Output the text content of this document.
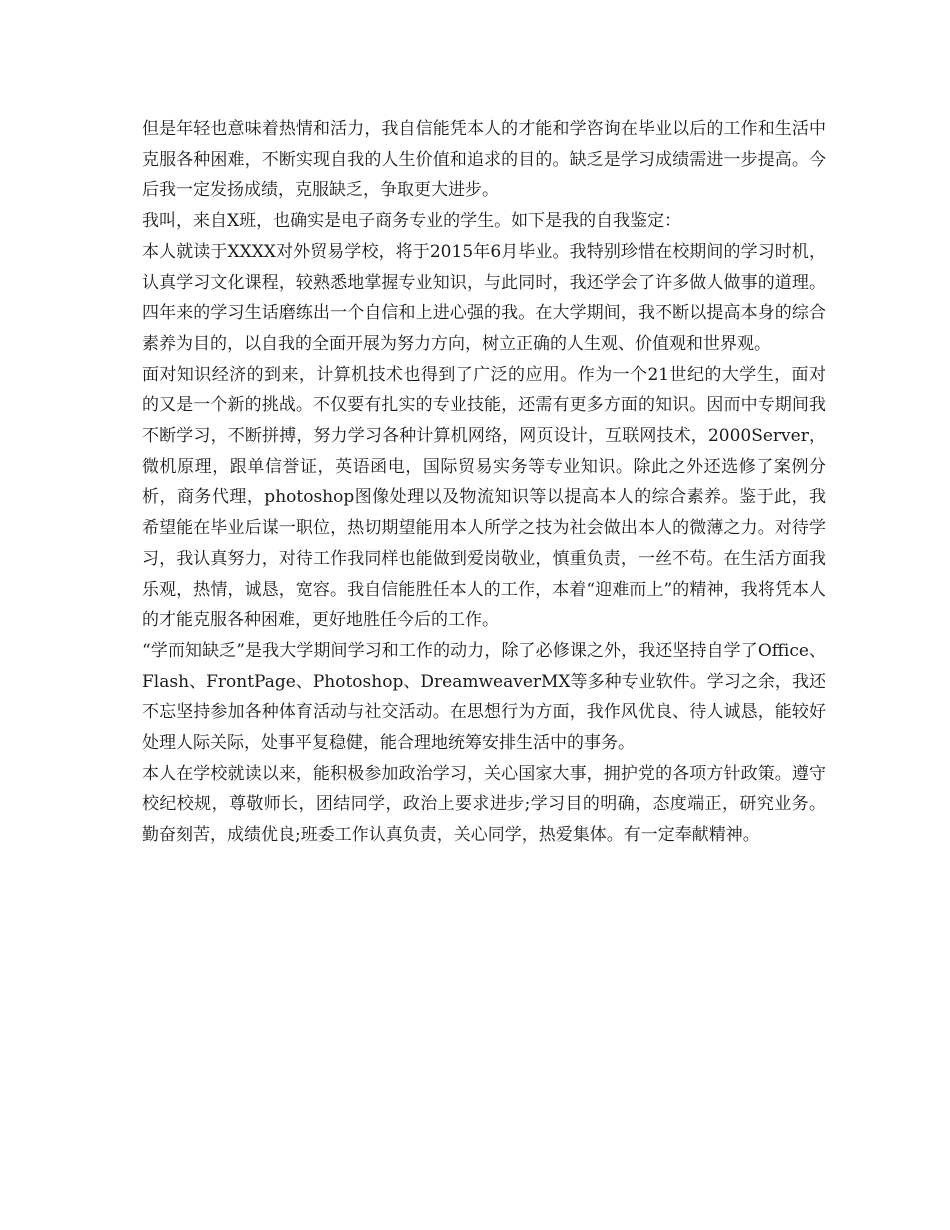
但是年轻也意味着热情和活力，我自信能凭本人的才能和学咨询在毕业以后的工作和生活中克服各种困难，不断实现自我的人生价值和追求的目的。缺乏是学习成绩需进一步提高。今后我一定发扬成绩，克服缺乏，争取更大进步。

我叫，来自X班，也确实是电子商务专业的学生。如下是我的自我鉴定：

本人就读于XXXX对外贸易学校，将于2015年6月毕业。我特别珍惜在校期间的学习时机，认真学习文化课程，较熟悉地掌握专业知识，与此同时，我还学会了许多做人做事的道理。四年来的学习生话磨练出一个自信和上进心强的我。在大学期间，我不断以提高本身的综合素养为目的，以自我的全面开展为努力方向，树立正确的人生观、价值观和世界观。

面对知识经济的到来，计算机技术也得到了广泛的应用。作为一个21世纪的大学生，面对的又是一个新的挑战。不仅要有扎实的专业技能，还需有更多方面的知识。因而中专期间我不断学习，不断拼搏，努力学习各种计算机网络，网页设计，互联网技术，2000Server，微机原理，跟单信誉证，英语函电，国际贸易实务等专业知识。除此之外还选修了案例分析，商务代理，photoshop图像处理以及物流知识等以提高本人的综合素养。鉴于此，我希望能在毕业后谋一职位，热切期望能用本人所学之技为社会做出本人的微薄之力。对待学习，我认真努力，对待工作我同样也能做到爱岗敬业，慎重负责，一丝不苟。在生活方面我乐观，热情，诚恳，宽容。我自信能胜任本人的工作，本着“迎难而上”的精神，我将凭本人的才能克服各种困难，更好地胜任今后的工作。

“学而知缺乏”是我大学期间学习和工作的动力，除了必修课之外，我还坚持自学了Office、Flash、FrontPage、Photoshop、DreamweaverMX等多种专业软件。学习之余，我还不忘坚持参加各种体育活动与社交活动。在思想行为方面，我作风优良、待人诚恳，能较好处理人际关际，处事平复稳健，能合理地统筹安排生活中的事务。

本人在学校就读以来，能积极参加政治学习，关心国家大事，拥护党的各项方针政策。遵守校纪校规，尊敬师长，团结同学，政治上要求进步;学习目的明确，态度端正，研究业务。勤奋刻苦，成绩优良;班委工作认真负责，关心同学，热爱集体。有一定奉献精神。
